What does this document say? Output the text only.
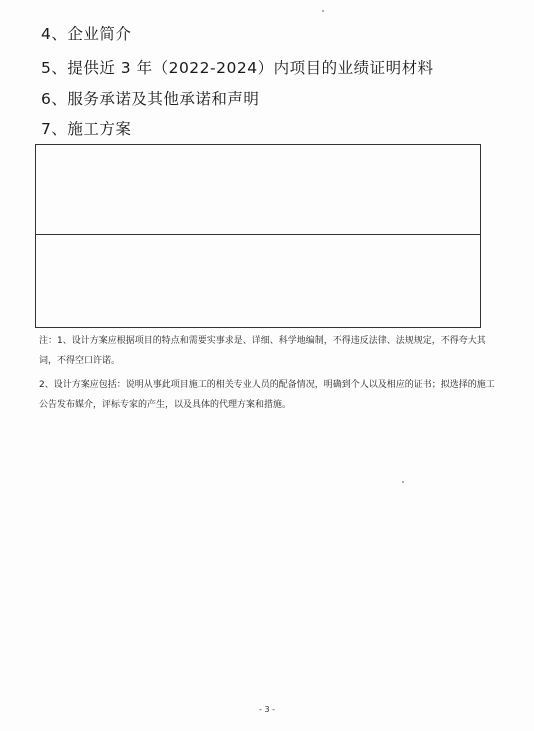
4、企业简介
5、提供近 3 年（2022-2024）内项目的业绩证明材料
6、服务承诺及其他承诺和声明
7、施工方案
注：1、设计方案应根据项目的特点和需要实事求是、详细、科学地编制，不得违反法律、法规规定，不得夸大其词，不得空口许诺。
2、设计方案应包括：说明从事此项目施工的相关专业人员的配备情况，明确到个人以及相应的证书；拟选择的施工公告发布媒介，评标专家的产生，以及具体的代理方案和措施。
- 3 -
